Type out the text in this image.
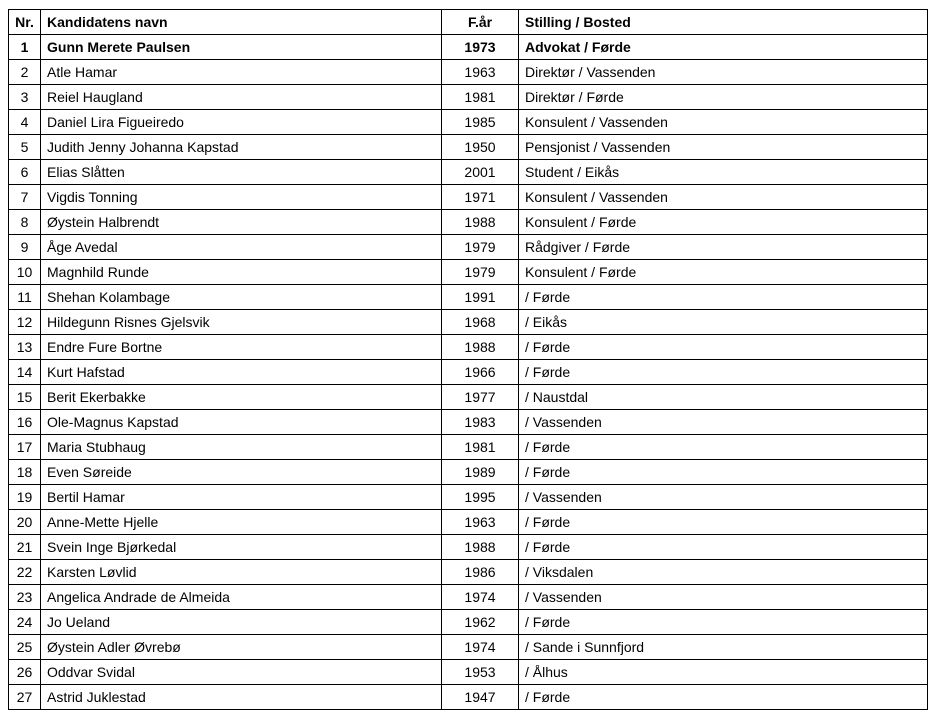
Nr.	Kandidatens navn	F.år	Stilling / Bosted
1	Gunn Merete Paulsen	1973	Advokat / Førde
2	Atle Hamar	1963	Direktør / Vassenden
3	Reiel Haugland	1981	Direktør / Førde
4	Daniel Lira Figueiredo	1985	Konsulent / Vassenden
5	Judith Jenny Johanna Kapstad	1950	Pensjonist / Vassenden
6	Elias Slåtten	2001	Student / Eikås
7	Vigdis Tonning	1971	Konsulent / Vassenden
8	Øystein Halbrendt	1988	Konsulent / Førde
9	Åge Avedal	1979	Rådgiver / Førde
10	Magnhild Runde	1979	Konsulent / Førde
11	Shehan Kolambage	1991	/ Førde
12	Hildegunn Risnes Gjelsvik	1968	/ Eikås
13	Endre Fure Bortne	1988	/ Førde
14	Kurt Hafstad	1966	/ Førde
15	Berit Ekerbakke	1977	/ Naustdal
16	Ole-Magnus Kapstad	1983	/ Vassenden
17	Maria Stubhaug	1981	/ Førde
18	Even Søreide	1989	/ Førde
19	Bertil Hamar	1995	/ Vassenden
20	Anne-Mette Hjelle	1963	/ Førde
21	Svein Inge Bjørkedal	1988	/ Førde
22	Karsten Løvlid	1986	/ Viksdalen
23	Angelica Andrade de Almeida	1974	/ Vassenden
24	Jo Ueland	1962	/ Førde
25	Øystein Adler Øvrebø	1974	/ Sande i Sunnfjord
26	Oddvar Svidal	1953	/ Ålhus
27	Astrid Juklestad	1947	/ Førde
